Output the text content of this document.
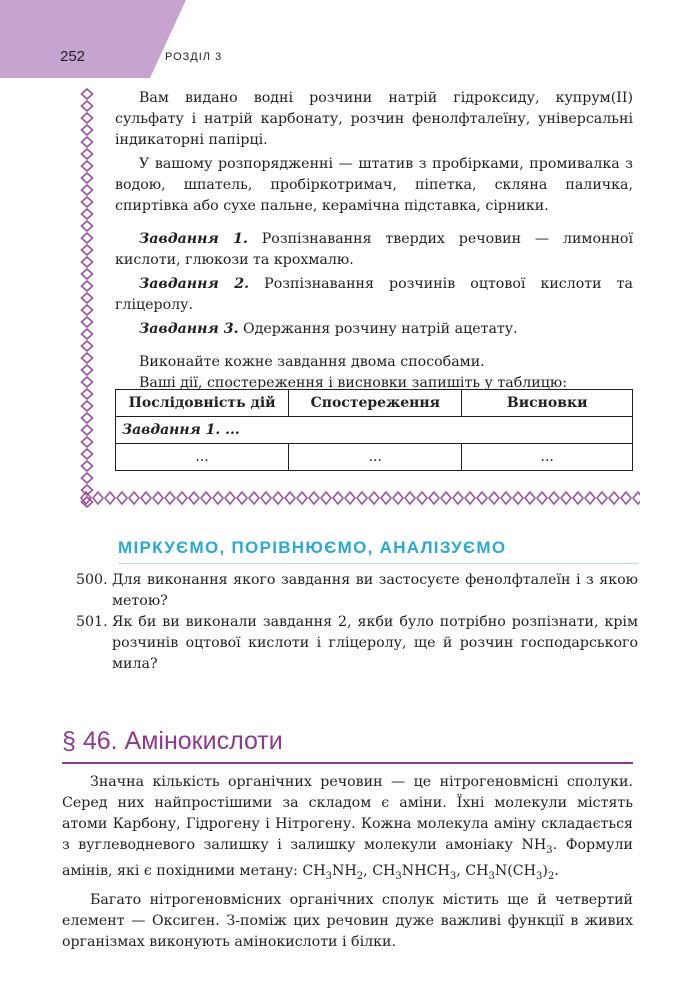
252	РОЗДІЛ 3

Вам видано водні розчини натрій гідроксиду, купрум(II) сульфату і натрій карбонату, розчин фенолфталеїну, універсальні індикаторні папірці.

У вашому розпорядженні — штатив з пробірками, промивалка з водою, шпатель, пробіркотримач, піпетка, скляна паличка, спиртівка або сухе пальне, керамічна підставка, сірники.

Завдання 1. Розпізнавання твердих речовин — лимонної кислоти, глюкози та крохмалю.

Завдання 2. Розпізнавання розчинів оцтової кислоти та гліцеролу.

Завдання 3. Одержання розчину натрій ацетату.

Виконайте кожне завдання двома способами.

Ваші дії, спостереження і висновки запишіть у таблицю:

Послідовність дій	Спостереження	Висновки
Завдання 1. ...		
...	...	...
МІРКУЄМО, ПОРІВНЮЄМО, АНАЛІЗУЄМО
500. Для виконання якого завдання ви застосуєте фенолфталеїн і з якою метою?
501. Як би ви виконали завдання 2, якби було потрібно розпізнати, крім розчинів оцтової кислоти і гліцеролу, ще й розчин господарського мила?
§ 46. Амінокислоти

Значна кількість органічних речовин — це нітрогеновмісні сполуки. Серед них найпростішими за складом є аміни. Їхні молекули містять атоми Карбону, Гідрогену і Нітрогену. Кожна молекула аміну складається з вуглеводневого залишку і залишку молекули амоніаку $NH_3$. Формули амінів, які є похідними метану: $CH_3NH_2$, $CH_3NHCH_3$, $CH_3N(CH_3)_2$.

Багато нітрогеновмісних органічних сполук містить ще й четвертий елемент — Оксиген. З-поміж цих речовин дуже важливі функції в живих організмах виконують амінокислоти і білки.
